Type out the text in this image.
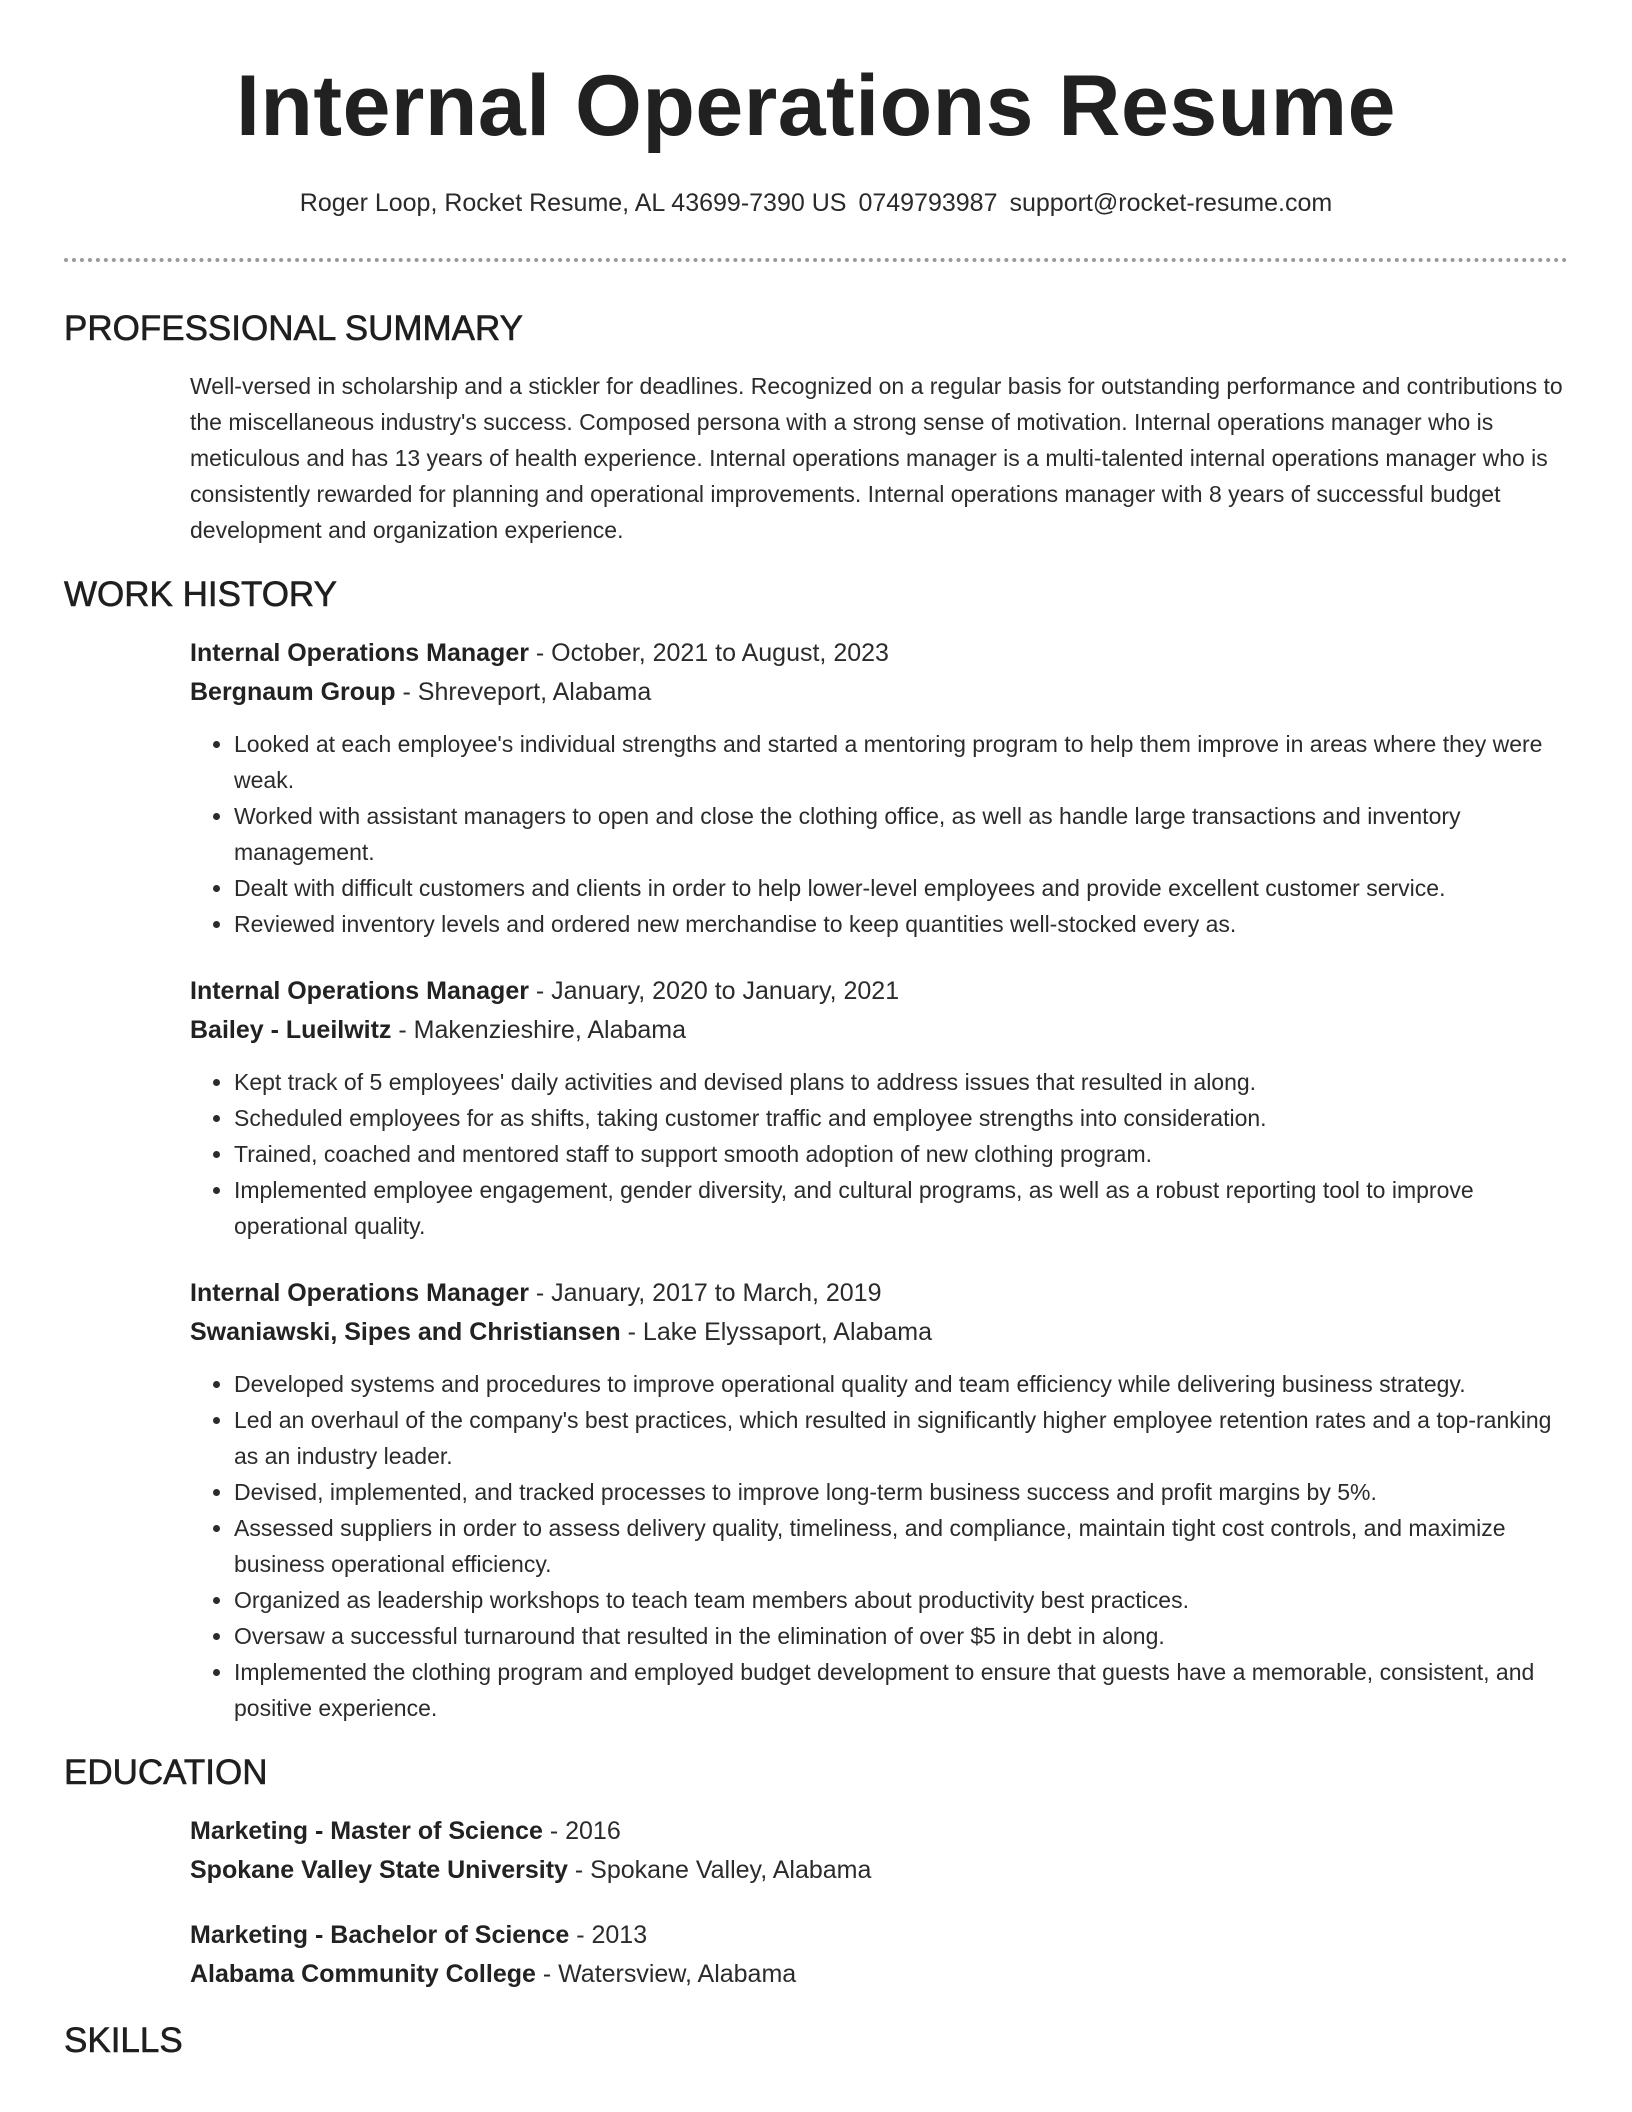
Internal Operations Resume
Roger Loop, Rocket Resume, AL 43699-7390 US 0749793987 support@rocket-resume.com
PROFESSIONAL SUMMARY

Well-versed in scholarship and a stickler for deadlines. Recognized on a regular basis for outstanding performance and contributions to the miscellaneous industry's success. Composed persona with a strong sense of motivation. Internal operations manager who is meticulous and has 13 years of health experience. Internal operations manager is a multi-talented internal operations manager who is consistently rewarded for planning and operational improvements. Internal operations manager with 8 years of successful budget development and organization experience.

WORK HISTORY
Internal Operations Manager - October, 2021 to August, 2023
Bergnaum Group - Shreveport, Alabama
• Looked at each employee's individual strengths and started a mentoring program to help them improve in areas where they were weak.
• Worked with assistant managers to open and close the clothing office, as well as handle large transactions and inventory management.
• Dealt with difficult customers and clients in order to help lower-level employees and provide excellent customer service.
• Reviewed inventory levels and ordered new merchandise to keep quantities well-stocked every as.
Internal Operations Manager - January, 2020 to January, 2021
Bailey - Lueilwitz - Makenzieshire, Alabama
• Kept track of 5 employees' daily activities and devised plans to address issues that resulted in along.
• Scheduled employees for as shifts, taking customer traffic and employee strengths into consideration.
• Trained, coached and mentored staff to support smooth adoption of new clothing program.
• Implemented employee engagement, gender diversity, and cultural programs, as well as a robust reporting tool to improve operational quality.
Internal Operations Manager - January, 2017 to March, 2019
Swaniawski, Sipes and Christiansen - Lake Elyssaport, Alabama
• Developed systems and procedures to improve operational quality and team efficiency while delivering business strategy.
• Led an overhaul of the company's best practices, which resulted in significantly higher employee retention rates and a top-ranking as an industry leader.
• Devised, implemented, and tracked processes to improve long-term business success and profit margins by 5%.
• Assessed suppliers in order to assess delivery quality, timeliness, and compliance, maintain tight cost controls, and maximize business operational efficiency.
• Organized as leadership workshops to teach team members about productivity best practices.
• Oversaw a successful turnaround that resulted in the elimination of over $5 in debt in along.
• Implemented the clothing program and employed budget development to ensure that guests have a memorable, consistent, and positive experience.
EDUCATION
Marketing - Master of Science - 2016
Spokane Valley State University - Spokane Valley, Alabama
Marketing - Bachelor of Science - 2013
Alabama Community College - Watersview, Alabama
SKILLS
